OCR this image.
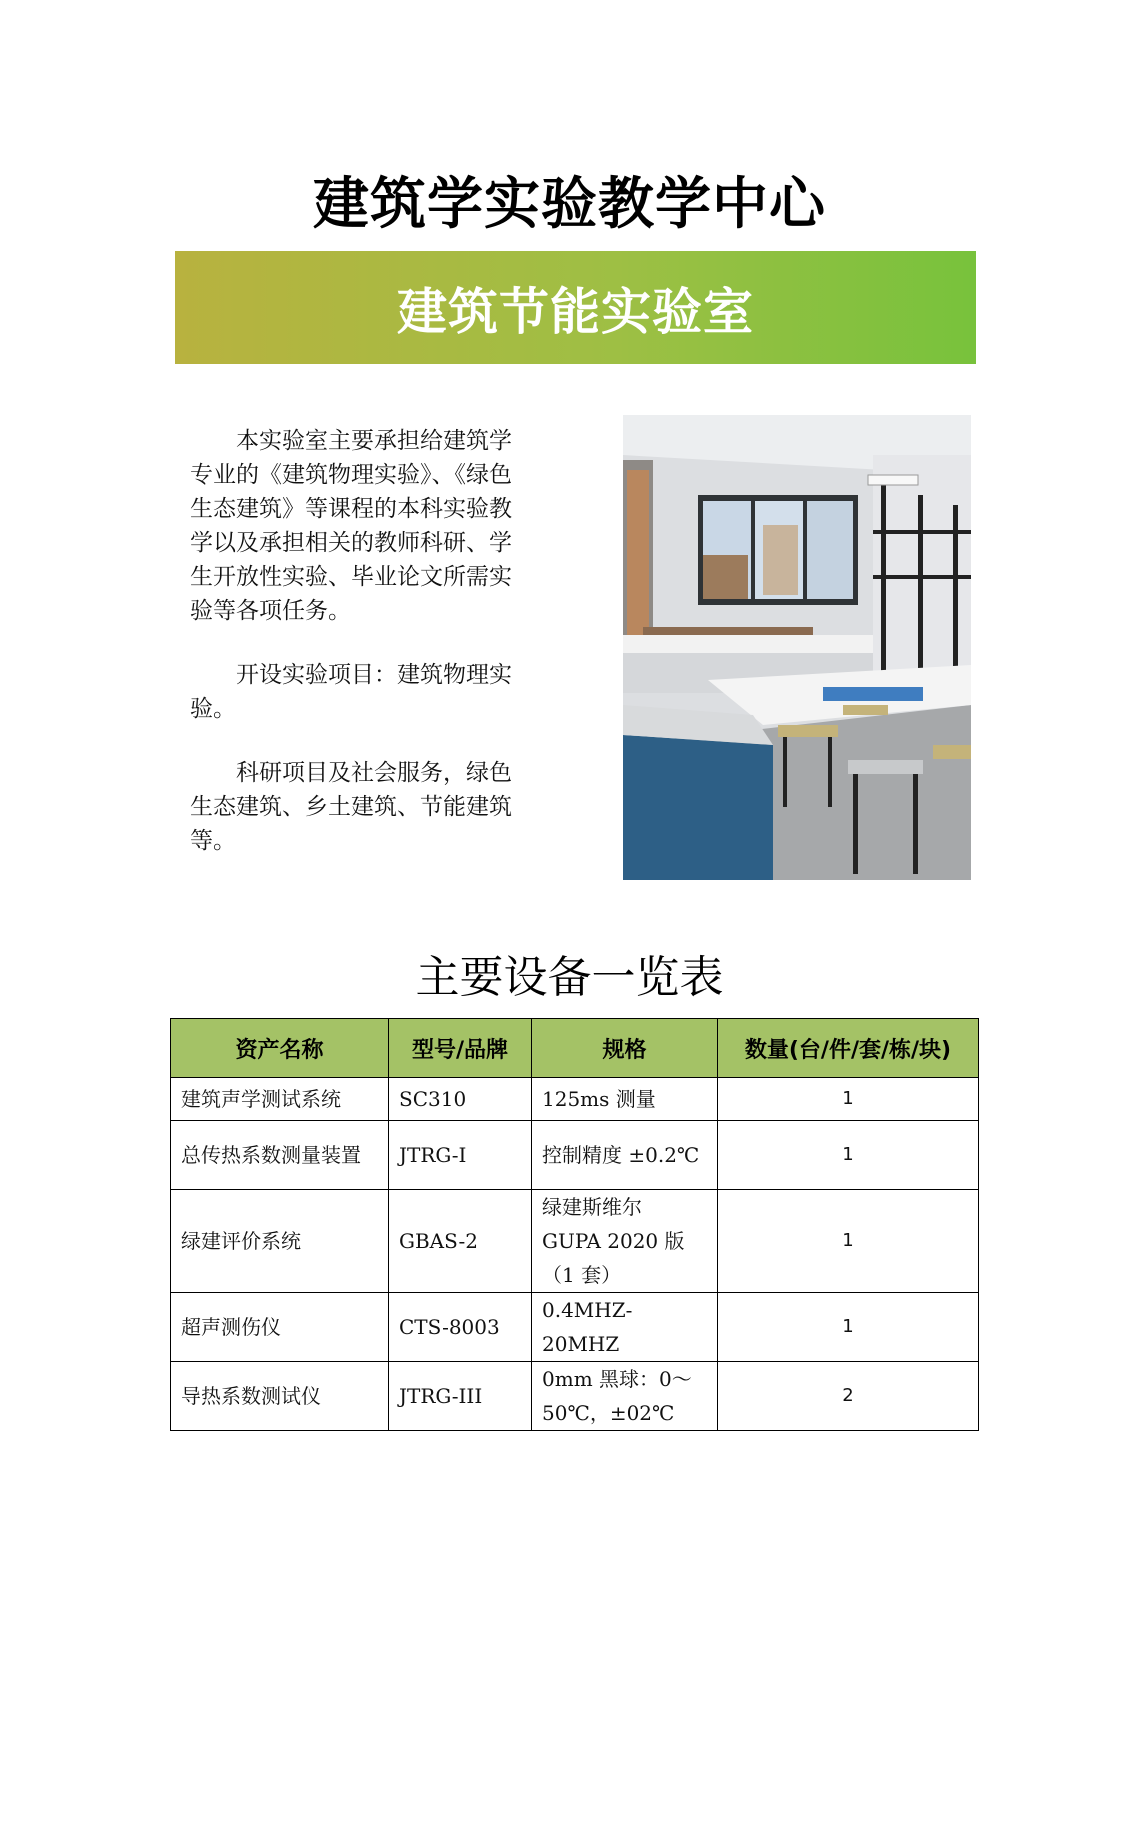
建筑学实验教学中心
建筑节能实验室

本实验室主要承担给建筑学专业的《建筑物理实验》、《绿色生态建筑》等课程的本科实验教学以及承担相关的教师科研、学生开放性实验、毕业论文所需实验等各项任务。

开设实验项目：建筑物理实验。

科研项目及社会服务，绿色生态建筑、乡土建筑、节能建筑等。

主要设备一览表
资产名称	型号/品牌	规格	数量(台/件/套/栋/块)
建筑声学测试系统	SC310	125ms 测量	1
总传热系数测量装置	JTRG-I	控制精度 ±0.2℃	1
绿建评价系统	GBAS-2	绿建斯维尔 GUPA 2020 版（1 套）	1
超声测伤仪	CTS-8003	0.4MHZ-20MHZ	1
导热系数测试仪	JTRG-III	0mm 黑球：0～50℃，±02℃	2
